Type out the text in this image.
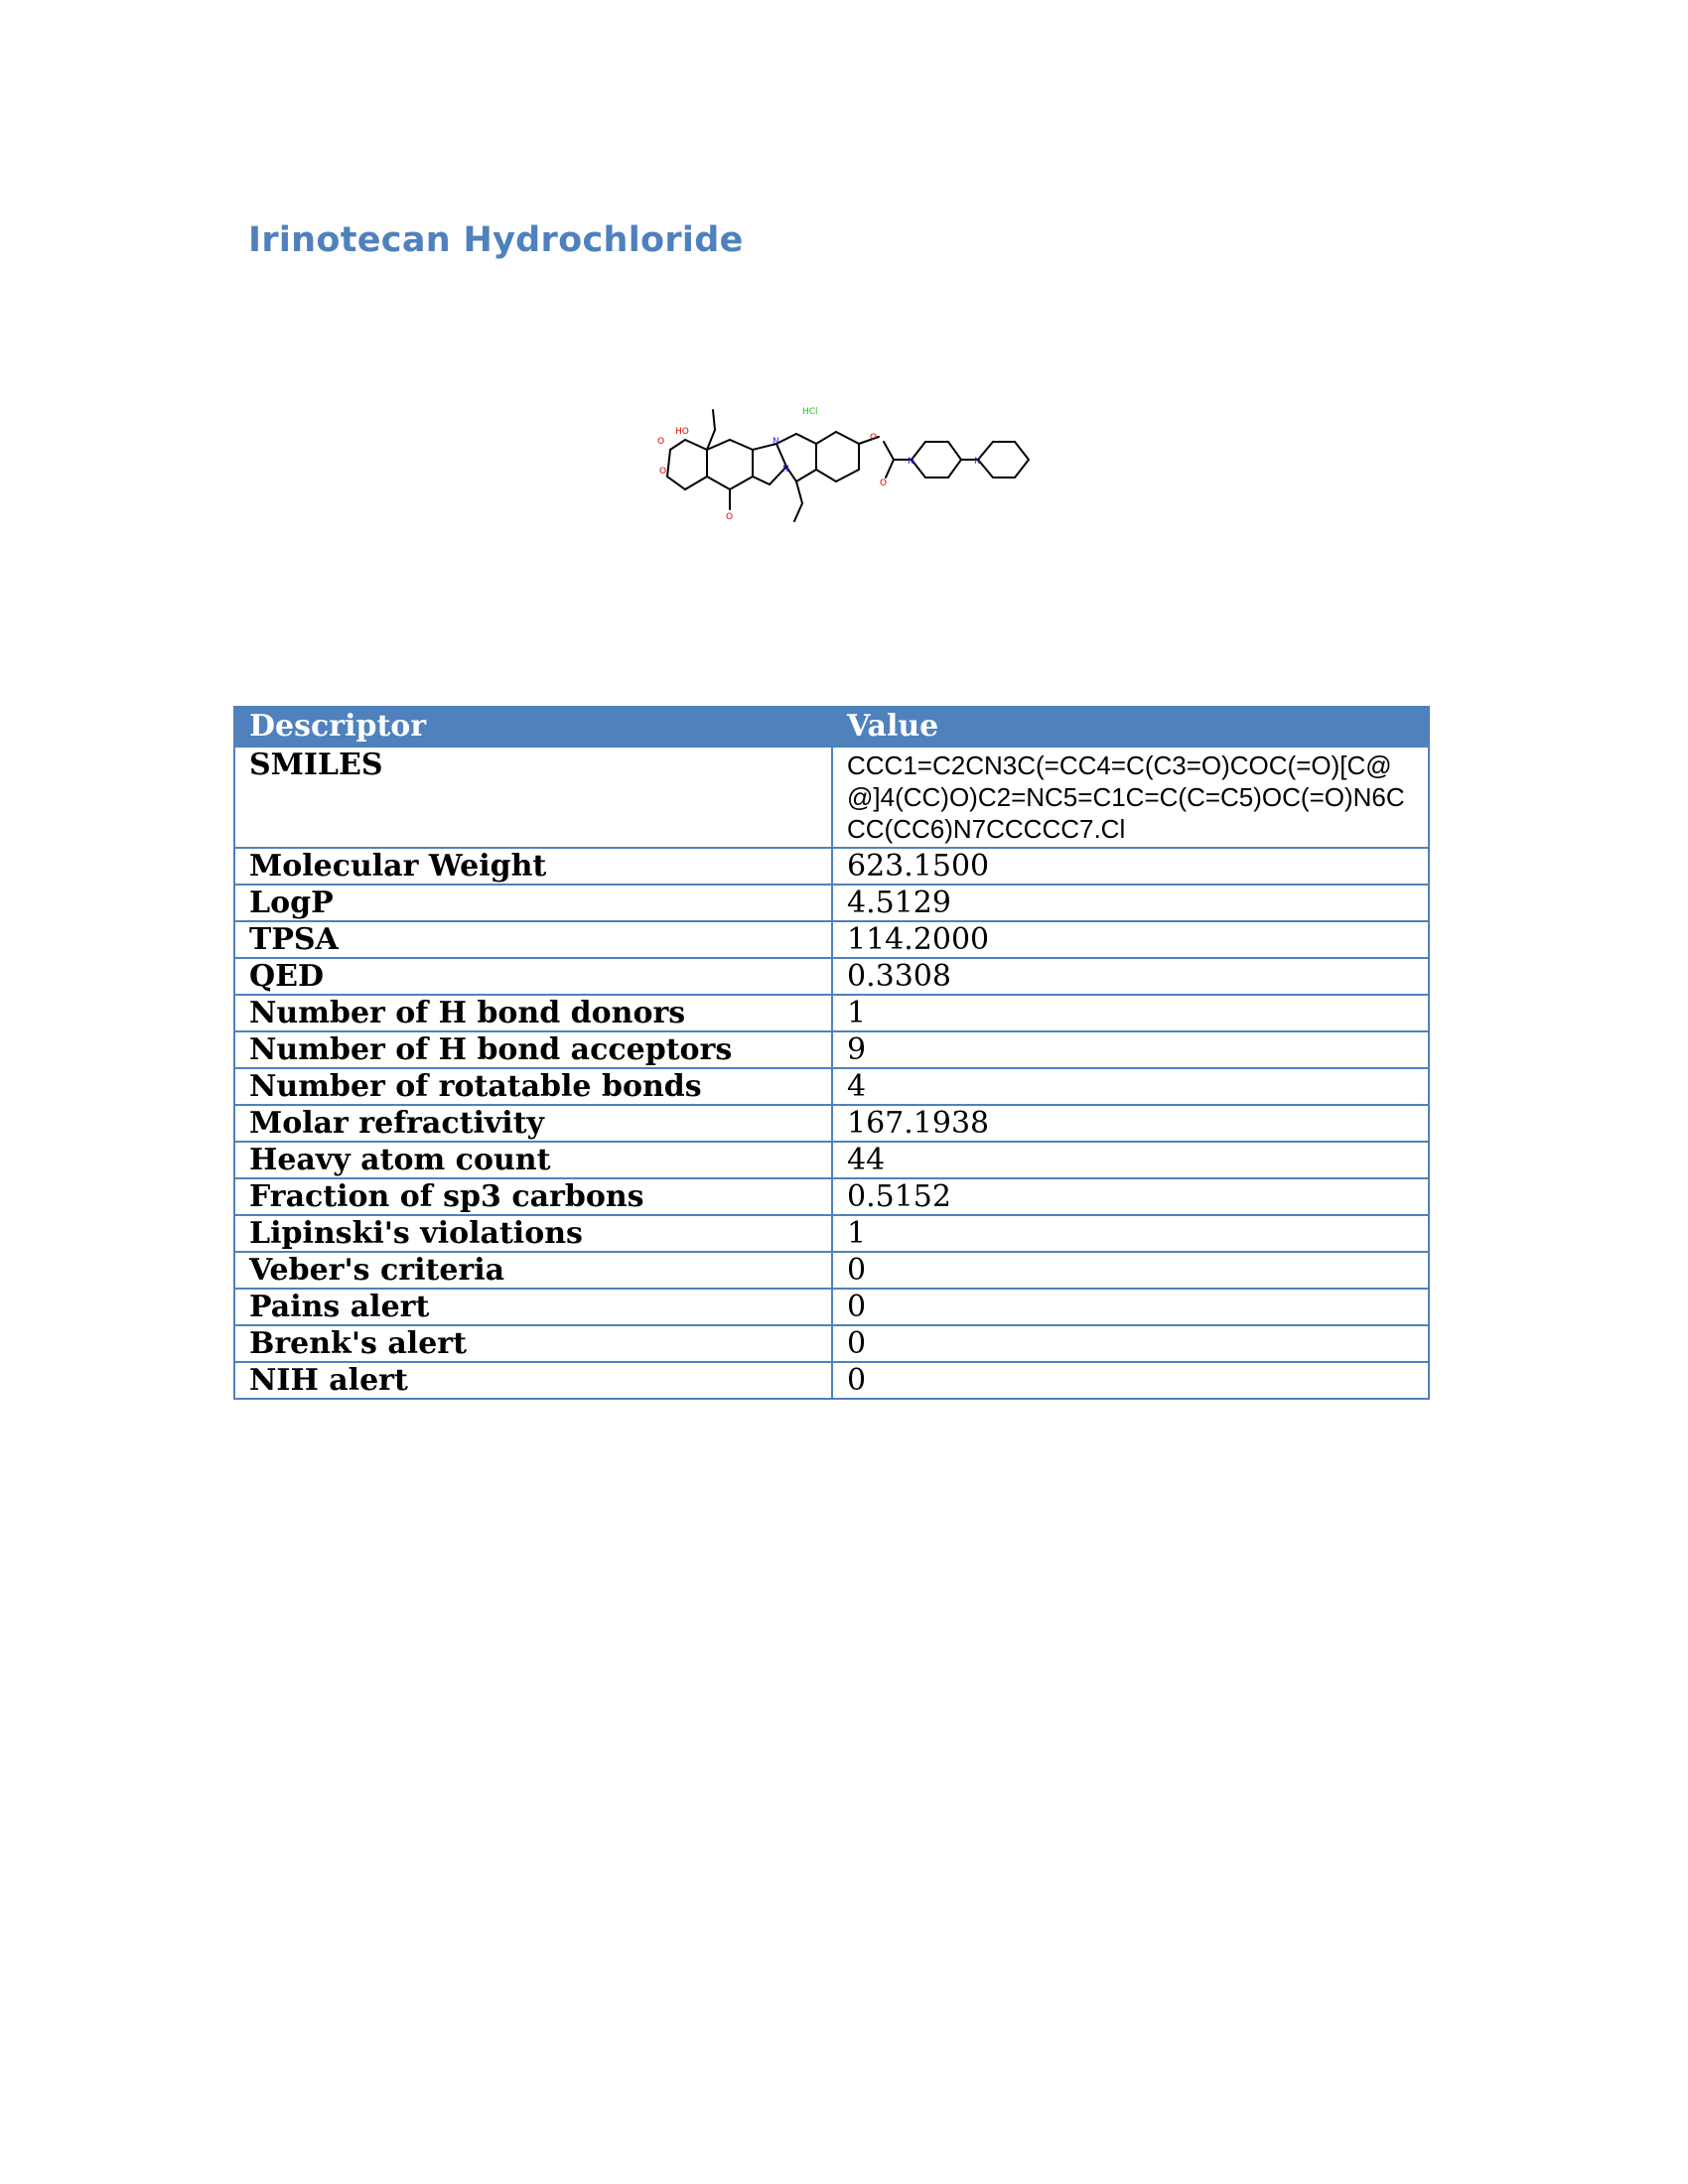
Irinotecan Hydrochloride
HCl
HO
O
O
O
O
O
N
N
N	N
Descriptor	Value
SMILES	CCC1=C2CN3C(=CC4=C(C3=O)COC(=O)[C@@]4(CC)O)C2=NC5=C1C=C(C=C5)OC(=O)N6CCC(CC6)N7CCCCC7.Cl
Molecular Weight	623.1500
LogP	4.5129
TPSA	114.2000
QED	0.3308
Number of H bond donors	1
Number of H bond acceptors	9
Number of rotatable bonds	4
Molar refractivity	167.1938
Heavy atom count	44
Fraction of sp3 carbons	0.5152
Lipinski's violations	1
Veber's criteria	0
Pains alert	0
Brenk's alert	0
NIH alert	0
